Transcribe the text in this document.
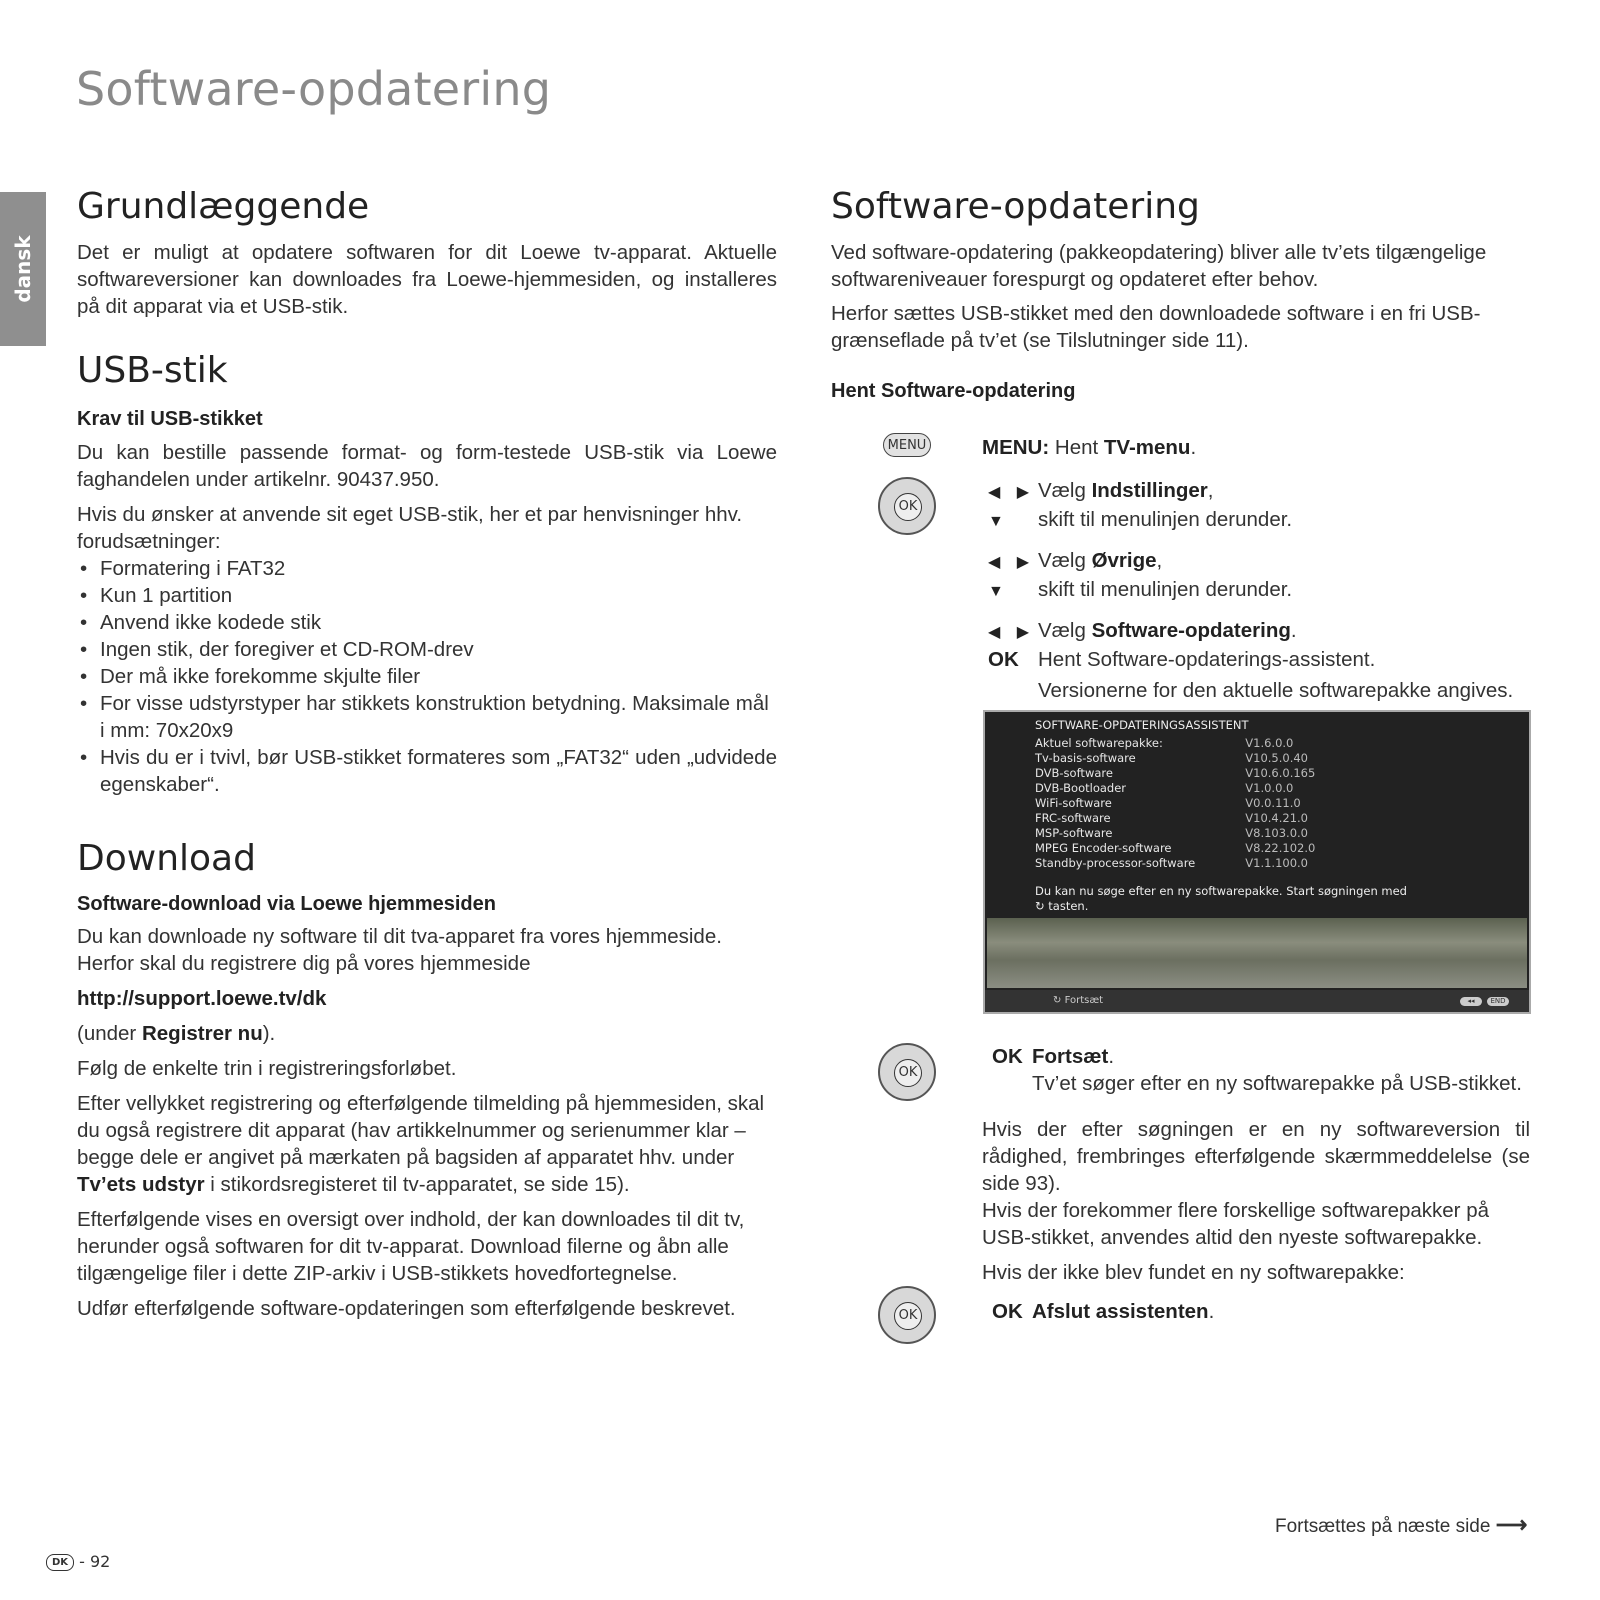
Software-opdatering
dansk
Grundlæggende

Det er muligt at opdatere softwaren for dit Loewe tv-apparat. Aktuelle softwareversioner kan downloades fra Loewe-hjemmesiden, og installeres på dit apparat via et USB-stik.

USB-stik
Krav til USB-stikket

Du kan bestille passende format- og form-testede USB-stik via Loewe faghandelen under artikelnr. 90437.950.

Hvis du ønsker at anvende sit eget USB-stik, her et par henvisninger hhv. forudsætninger:

• Formatering i FAT32
• Kun 1 partition
• Anvend ikke kodede stik
• Ingen stik, der foregiver et CD-ROM-drev
• Der må ikke forekomme skjulte filer
• For visse udstyrstyper har stikkets konstruktion betydning. Maksimale mål i mm: 70x20x9
• Hvis du er i tvivl, bør USB-stikket formateres som „FAT32“ uden „udvidede egenskaber“.
Download
Software-download via Loewe hjemmesiden

Du kan downloade ny software til dit tva-apparet fra vores hjemmeside. Herfor skal du registrere dig på vores hjemmeside

http://support.loewe.tv/dk

(under Registrer nu).

Følg de enkelte trin i registreringsforløbet.

Efter vellykket registrering og efterfølgende tilmelding på hjemmesiden, skal du også registrere dit apparat (hav artikkelnummer og serienummer klar – begge dele er angivet på mærkaten på bagsiden af apparatet hhv. under Tv’ets udstyr i stikordsregisteret til tv-apparatet, se side 15).

Efterfølgende vises en oversigt over indhold, der kan downloades til dit tv, herunder også softwaren for dit tv-apparat. Download filerne og åbn alle tilgængelige filer i dette ZIP-arkiv i USB-stikkets hovedfortegnelse.

Udfør efterfølgende software-opdateringen som efterfølgende beskrevet.

Software-opdatering

Ved software-opdatering (pakkeopdatering) bliver alle tv’ets tilgængelige softwareniveauer forespurgt og opdateret efter behov.

Herfor sættes USB-stikket med den downloadede software i en fri USB-grænseflade på tv’et (se Tilslutninger side 11).

Hent Software-opdatering
MENU
OK
OK
OK
MENU: Hent TV-menu.
◀ ▶ Vælg Indstillinger,
▼ skift til menulinjen derunder.
◀ ▶ Vælg Øvrige,
▼ skift til menulinjen derunder.
◀ ▶ Vælg Software-opdatering.
OK Hent Software-opdaterings-assistent.
Versionerne for den aktuelle softwarepakke angives.
SOFTWARE-OPDATERINGSASSISTENT
Aktuel softwarepakke:	V1.6.0.0
Tv-basis-software	V10.5.0.40
DVB-software	V10.6.0.165
DVB-Bootloader	V1.0.0.0
WiFi-software	V0.0.11.0
FRC-software	V10.4.21.0
MSP-software	V8.103.0.0
MPEG Encoder-software	V8.22.102.0
Standby-processor-software	V1.1.100.0
Du kan nu søge efter en ny softwarepakke. Start søgningen med
↻ tasten.
↻ Fortsæt	◂◂	END
OK Fortsæt.
Tv’et søger efter en ny softwarepakke på USB-stikket.

Hvis der efter søgningen er en ny softwareversion til rådighed, frembringes efterfølgende skærmmeddelelse (se side 93).

Hvis der forekommer flere forskellige softwarepakker på USB-stikket, anvendes altid den nyeste softwarepakke.

Hvis der ikke blev fundet en ny softwarepakke:

OK Afslut assistenten.
Fortsættes på næste side ⟶
DK - 92
